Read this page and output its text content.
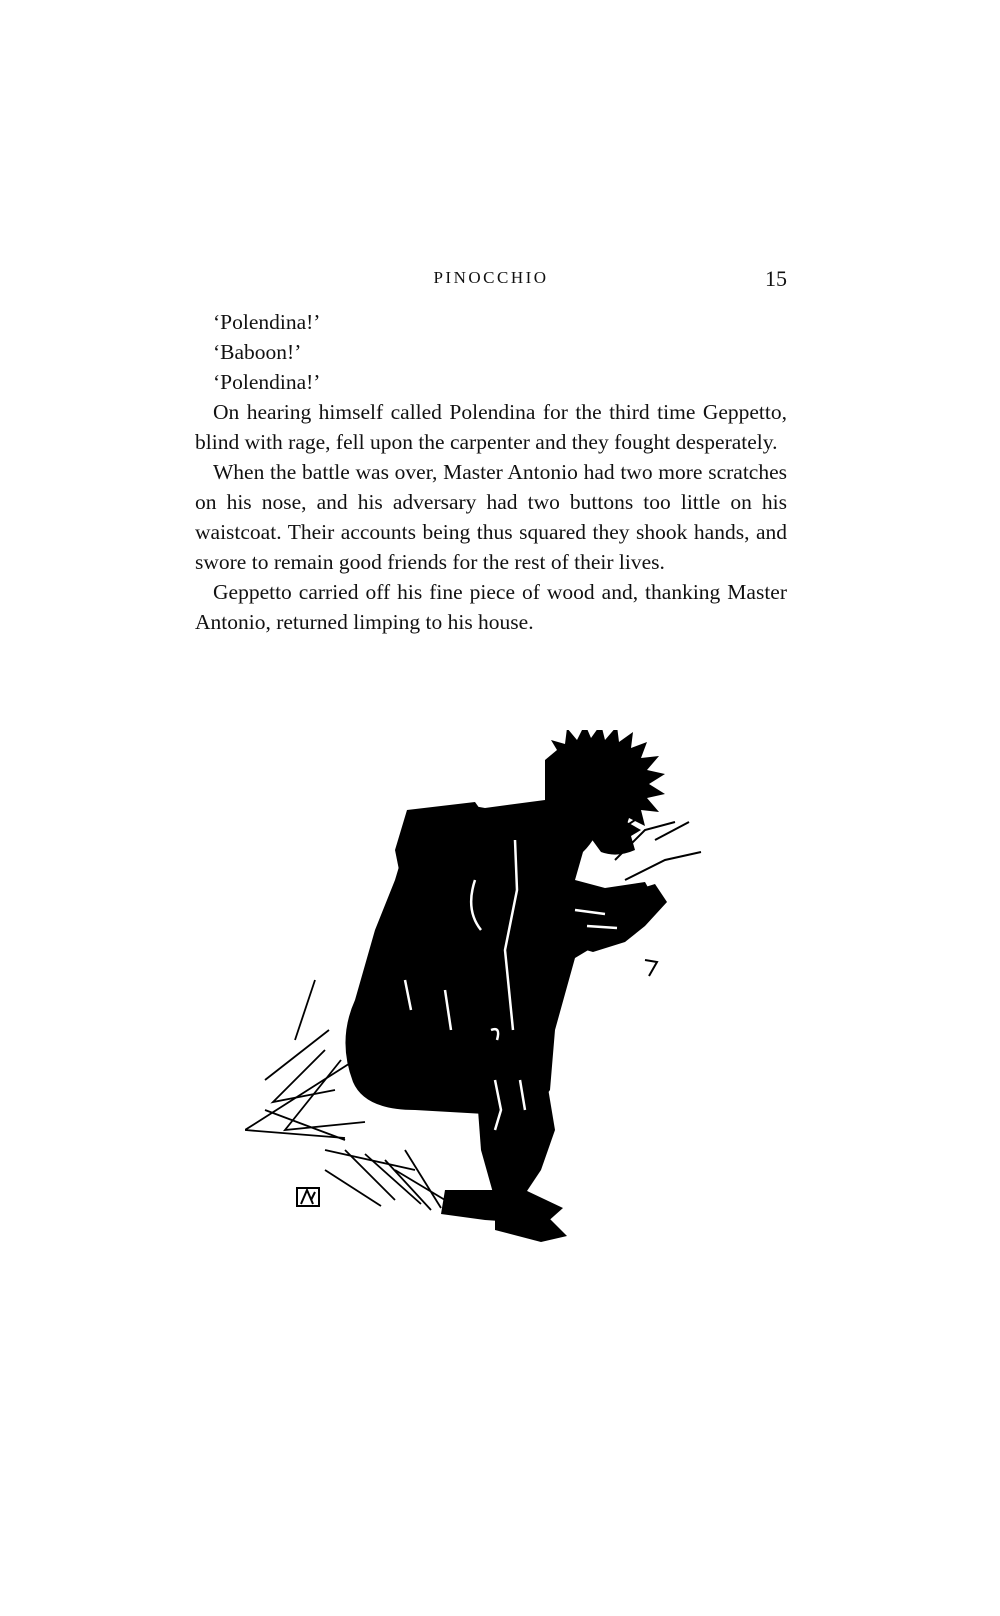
PINOCCHIO	15

‘Polendina!’

‘Baboon!’

‘Polendina!’

On hearing himself called Polendina for the third time Geppetto, blind with rage, fell upon the carpenter and they fought desperately.

When the battle was over, Master Antonio had two more scratches on his nose, and his adversary had two buttons too little on his waistcoat. Their accounts being thus squared they shook hands, and swore to remain good friends for the rest of their lives.

Geppetto carried off his fine piece of wood and, thanking Master Antonio, returned limping to his house.
